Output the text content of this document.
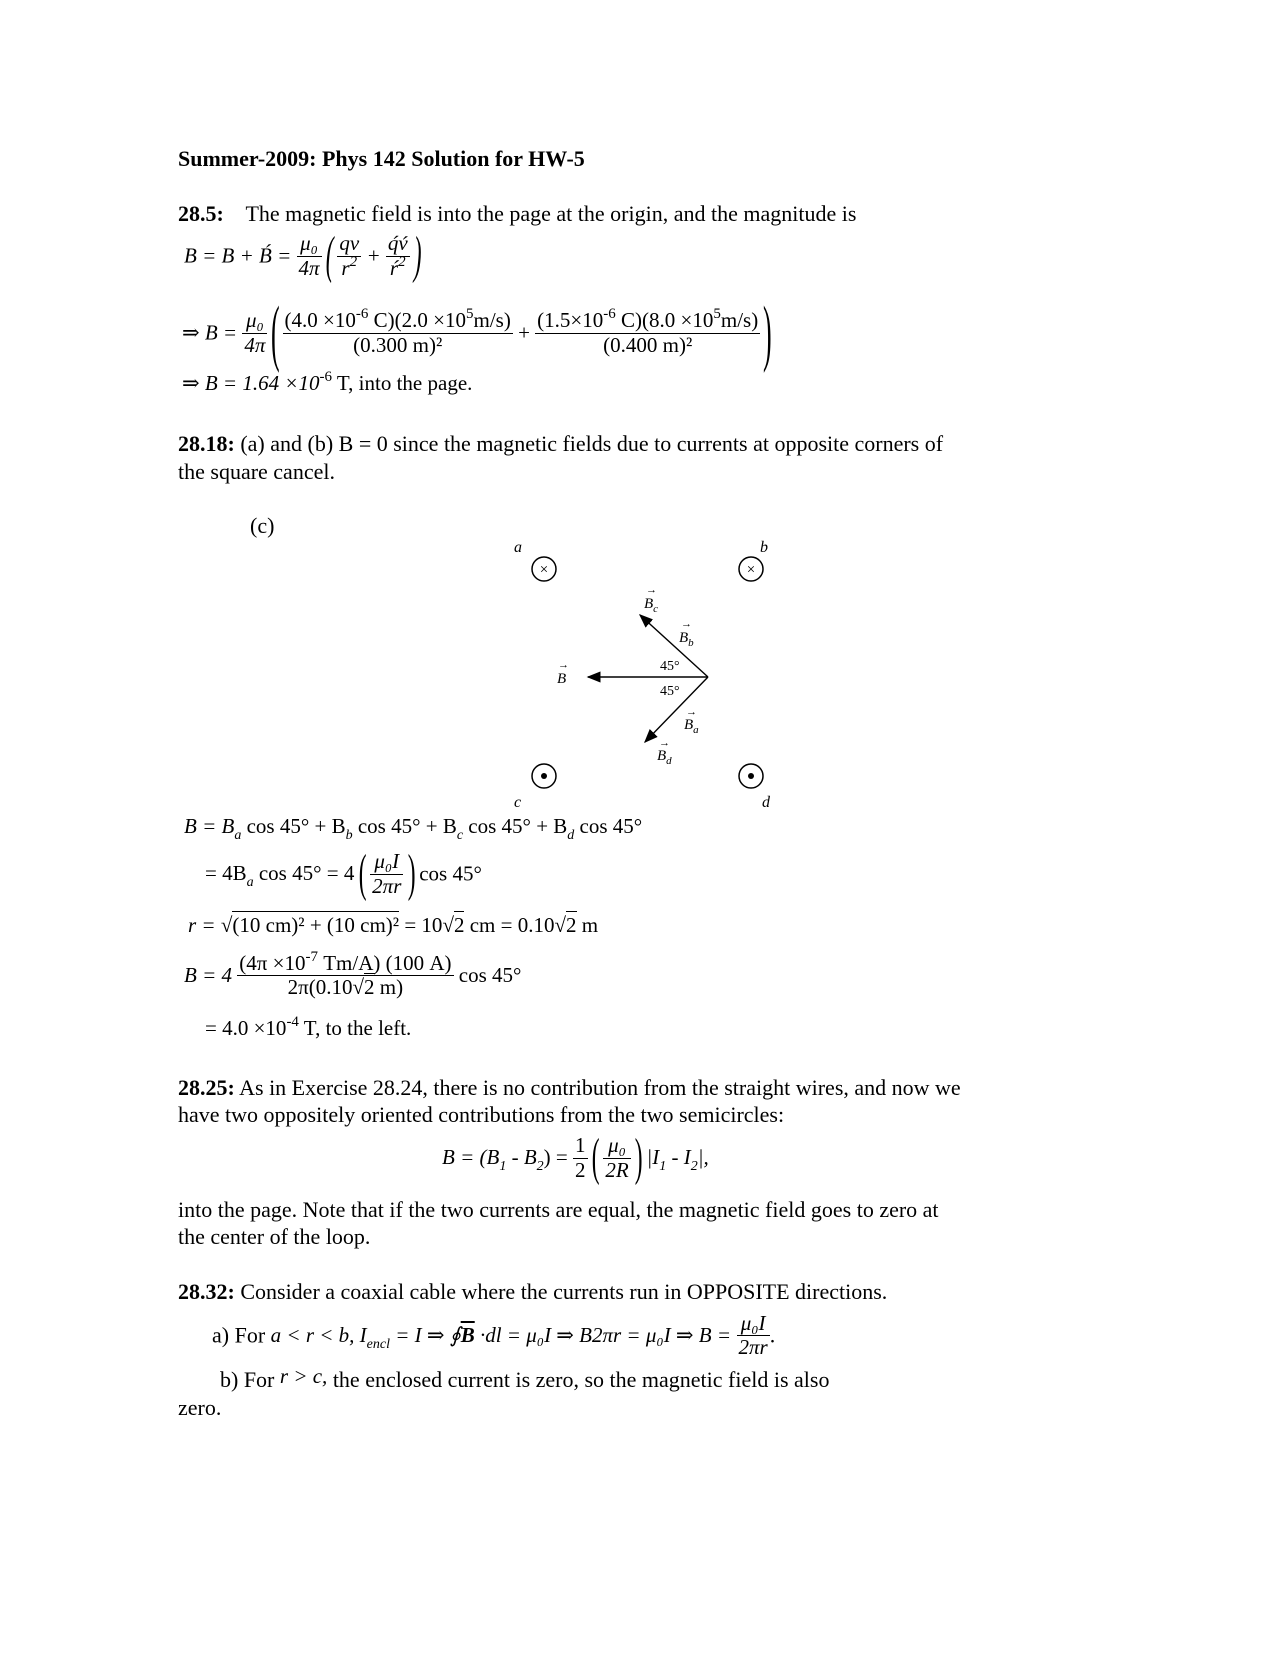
Summer-2009: Phys 142 Solution for HW-5
28.5: The magnetic field is into the page at the origin, and the magnitude is
B = B + B́ = $\frac{\text{μ₀}}{4\pi}$ ( $\frac{qv}{r^2} + \frac{q́v́}{ŕ^2}$ )
⇒ $B = \frac{\text{μ₀}}{4\pi}$ ( $\frac{(4.0 \times 10^{-6} C)(2.0 \times 10^5m/s)}{\text{(0.300 m)²}} + \frac{(1.5\times 10^{-6} C)(8.0 \times 10^5m/s)}{\text{(0.400 m)²}}$ )
⇒ $B = 1.64 \times 10^{-6}$ T, into the page.
28.18: (a) and (b) B = 0 since the magnetic fields due to currents at opposite corners of
the square cancel.
(c)
a	b
c	d
×	×
B
→
$B_c$
→
$B_b$
→
$B_a$
→
$B_d$
→
45°
45°
$B = B_a$ $\cos 45^\circ + B_b$ $\cos 45^\circ + B_c$ $\cos 45^\circ + B_d$ cos 45°
= $4B_a$ cos 45° = 4 ( $\frac{\text{μ₀I}}{2\pi r}$ ) cos 45°
r = √(10 cm)² + (10 cm)² = 10√2 cm = 0.10√2 m
$B = 4 \frac{(4\pi \times 10^{-7} Tm/A) (100 A)}{2\pi(0.10√2 m)}$ cos 45°
= $4.0 \times 10^{-4}$ T, to the left.
28.25: As in Exercise 28.24, there is no contribution from the straight wires, and now we
have two oppositely oriented contributions from the two semicircles:
$B = (B_1 - B_2) = \frac{1}{2}$ ( $\frac{\text{μ₀}}{2R}$ ) $|I_1 - I_2|$,
into the page. Note that if the two currents are equal, the magnetic field goes to zero at
the center of the loop.
28.32: Consider a coaxial cable where the currents run in OPPOSITE directions.
a) For a < r < b, $I_{encl} = I$ ⇒ $∮\overline{B} \cdot dl = \mu_0I$ ⇒ B2πr = μ₀I ⇒ $B = \frac{\text{μ₀I}}{2\pi r}$ .
b) For r > c, the enclosed current is zero, so the magnetic field is also
zero.
